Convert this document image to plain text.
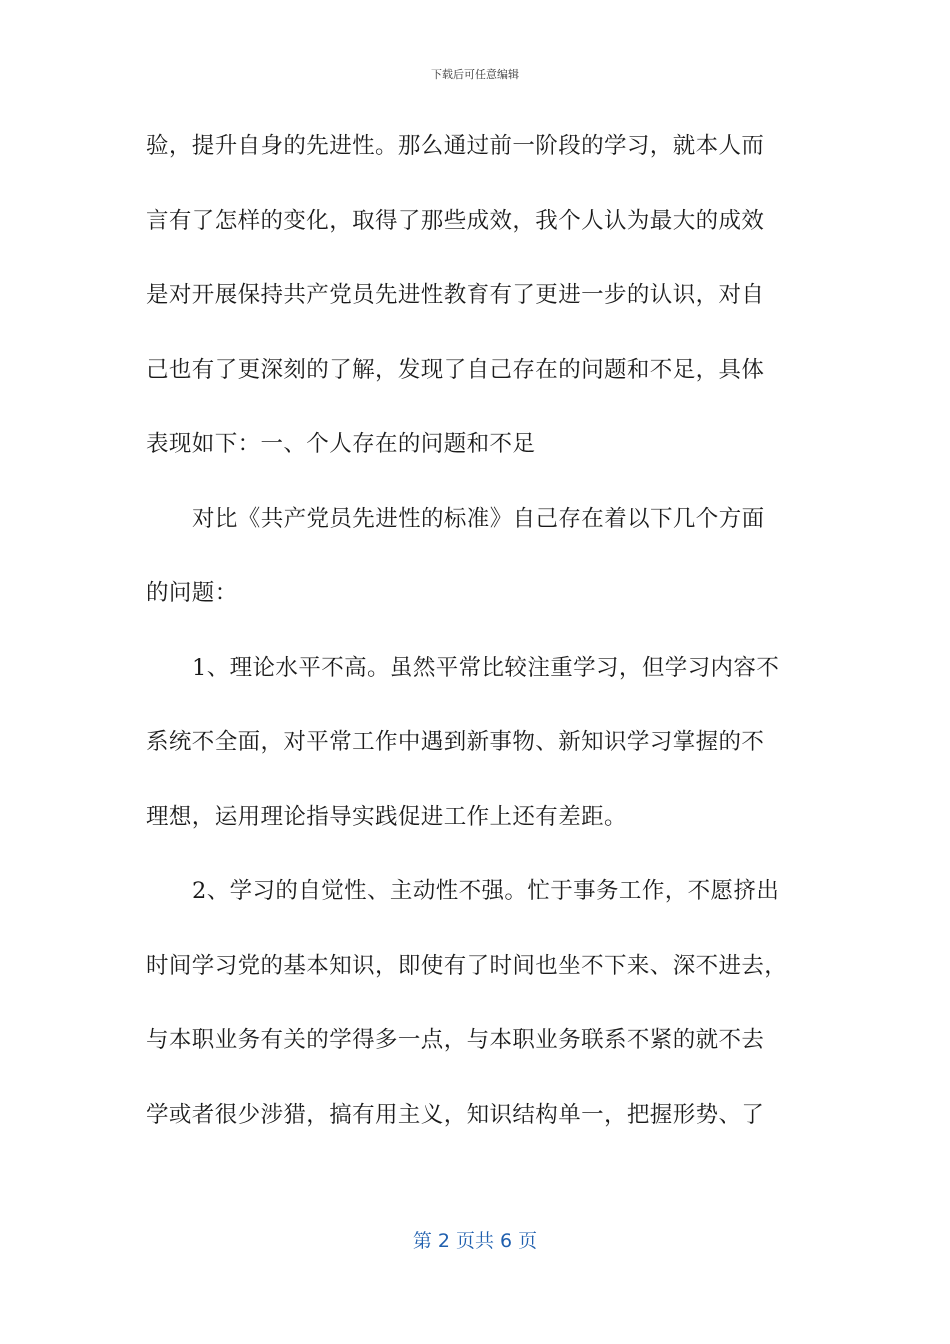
下载后可任意编辑
验，提升自身的先进性。那么通过前一阶段的学习，就本人而
言有了怎样的变化，取得了那些成效，我个人认为最大的成效
是对开展保持共产党员先进性教育有了更进一步的认识，对自
己也有了更深刻的了解，发现了自己存在的问题和不足，具体
表现如下：一、个人存在的问题和不足
对比《共产党员先进性的标准》自己存在着以下几个方面
的问题：
1、理论水平不高。虽然平常比较注重学习，但学习内容不
系统不全面，对平常工作中遇到新事物、新知识学习掌握的不
理想，运用理论指导实践促进工作上还有差距。
2、学习的自觉性、主动性不强。忙于事务工作，不愿挤出
时间学习党的基本知识，即使有了时间也坐不下来、深不进去，
与本职业务有关的学得多一点，与本职业务联系不紧的就不去
学或者很少涉猎，搞有用主义，知识结构单一，把握形势、了
第 2 页共 6 页
